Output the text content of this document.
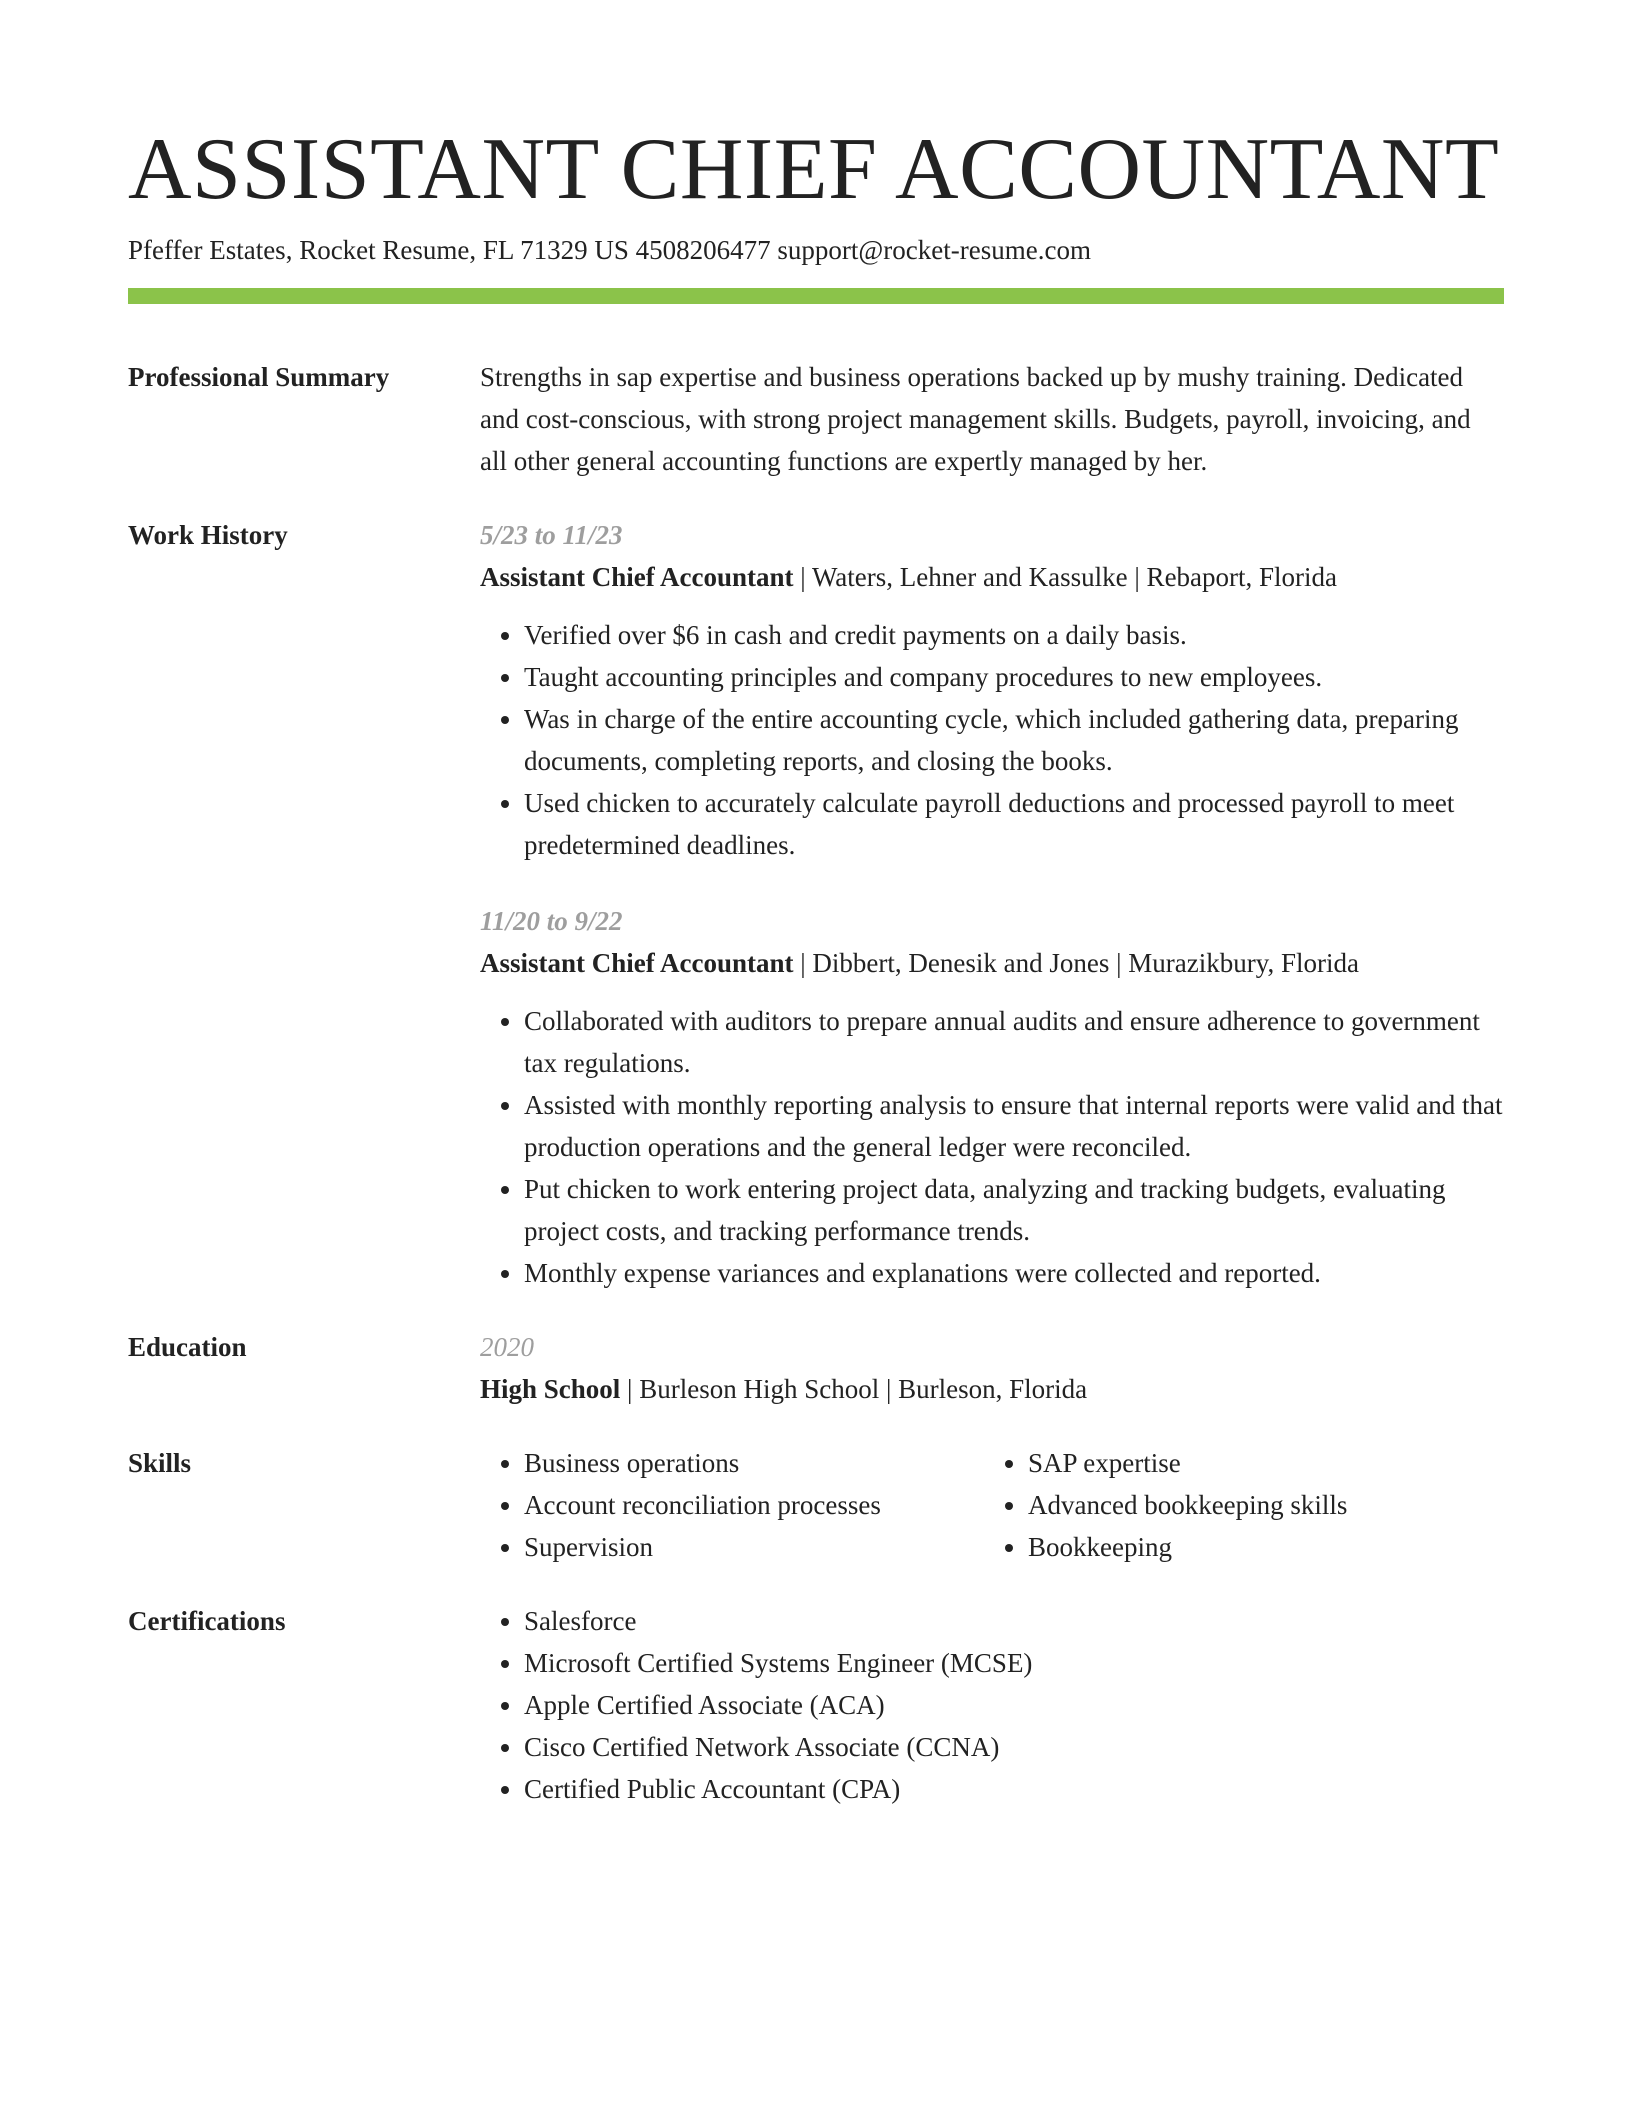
ASSISTANT CHIEF ACCOUNTANT
Pfeffer Estates, Rocket Resume, FL 71329 US 4508206477 support@rocket-resume.com
Professional Summary	Strengths in sap expertise and business operations backed up by mushy training. Dedicated and cost-conscious, with strong project management skills. Budgets, payroll, invoicing, and all other general accounting functions are expertly managed by her.

Work History	5/23 to 11/23
Assistant Chief Accountant | Waters, Lehner and Kassulke | Rebaport, Florida
• Verified over $6 in cash and credit payments on a daily basis.
• Taught accounting principles and company procedures to new employees.
• Was in charge of the entire accounting cycle, which included gathering data, preparing documents, completing reports, and closing the books.
• Used chicken to accurately calculate payroll deductions and processed payroll to meet predetermined deadlines.
11/20 to 9/22
Assistant Chief Accountant | Dibbert, Denesik and Jones | Murazikbury, Florida
• Collaborated with auditors to prepare annual audits and ensure adherence to government tax regulations.
• Assisted with monthly reporting analysis to ensure that internal reports were valid and that production operations and the general ledger were reconciled.
• Put chicken to work entering project data, analyzing and tracking budgets, evaluating project costs, and tracking performance trends.
• Monthly expense variances and explanations were collected and reported.
Education	2020
High School | Burleson High School | Burleson, Florida
Skills	• Business operations
• Account reconciliation processes
• Supervision
• SAP expertise
• Advanced bookkeeping skills
• Bookkeeping
Certifications	• Salesforce
• Microsoft Certified Systems Engineer (MCSE)
• Apple Certified Associate (ACA)
• Cisco Certified Network Associate (CCNA)
• Certified Public Accountant (CPA)
